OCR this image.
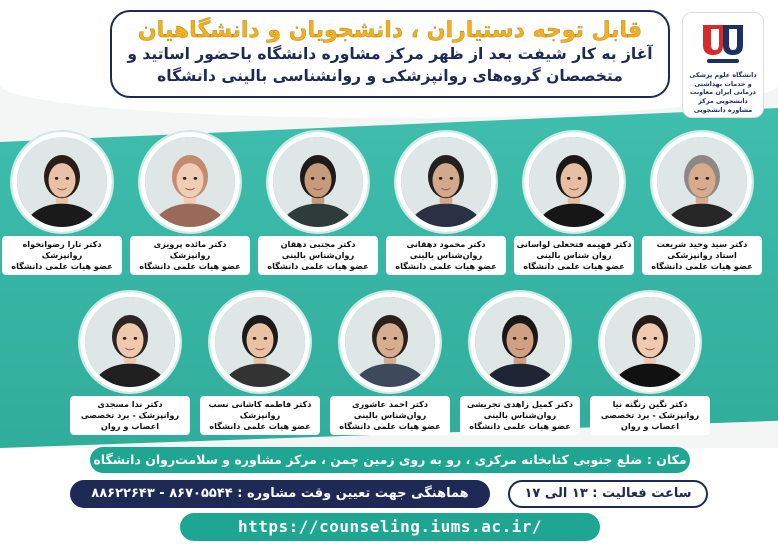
دانشگاه علوم پزشکی و خدمات بهداشتی درمانی ایران معاونت دانشجویی مرکز مشاوره دانشجویی
قابل توجه دستیاران ، دانشجویان و دانشگاهیان
آغاز به کار شیفت بعد از ظهر مرکز مشاوره دانشگاه باحضور اساتید و
متخصصان گروه‌های روانپزشکی و روانشناسی بالینی دانشگاه
دکتر تارا رضوانخواه
روانپزشک
عضو هیات علمی دانشگاه
دکتر مائده پرویزی
روانپزشک
عضو هیات علمی دانشگاه
دکتر مجتبی دهقان
روان‌شناس بالینی
عضو هیات علمی دانشگاه
دکتر محمود دهقانی
روان‌شناس بالینی
عضو هیات علمی دانشگاه
دکتر فهیمه فتحعلی لواسانی
روان شناس بالینی
عضو هیات علمی دانشگاه
دکتر سید وحید شریعت
استاد روانپزشکی
عضو هیات علمی دانشگاه
دکتر ندا مسجدی
روانپزشک - برد تخصصی
اعصاب و روان
دکتر فاطمه کاشانی نسب
روانپزشک
عضو هیات علمی دانشگاه
دکتر احمد عاشوری
روان‌شناس بالینی
عضو هیات علمی دانشگاه
دکتر کمیل زاهدی تجریشی
روان‌شناس بالینی
عضو هیات علمی دانشگاه
دکتر نگین زنگنه نیا
روانپزشک - برد تخصصی
اعصاب و روان
مکان : ضلع جنوبی کتابخانه مرکزی ، رو به روی زمین چمن ، مرکز مشاوره و سلامت‌روان دانشگاه
ساعت فعالیت : ۱۳ الی ۱۷
هماهنگی جهت تعیین وقت مشاوره : ۸۶۷۰۵۵۴۴ - ۸۸۶۲۲۶۴۳
https://counseling.iums.ac.ir/
